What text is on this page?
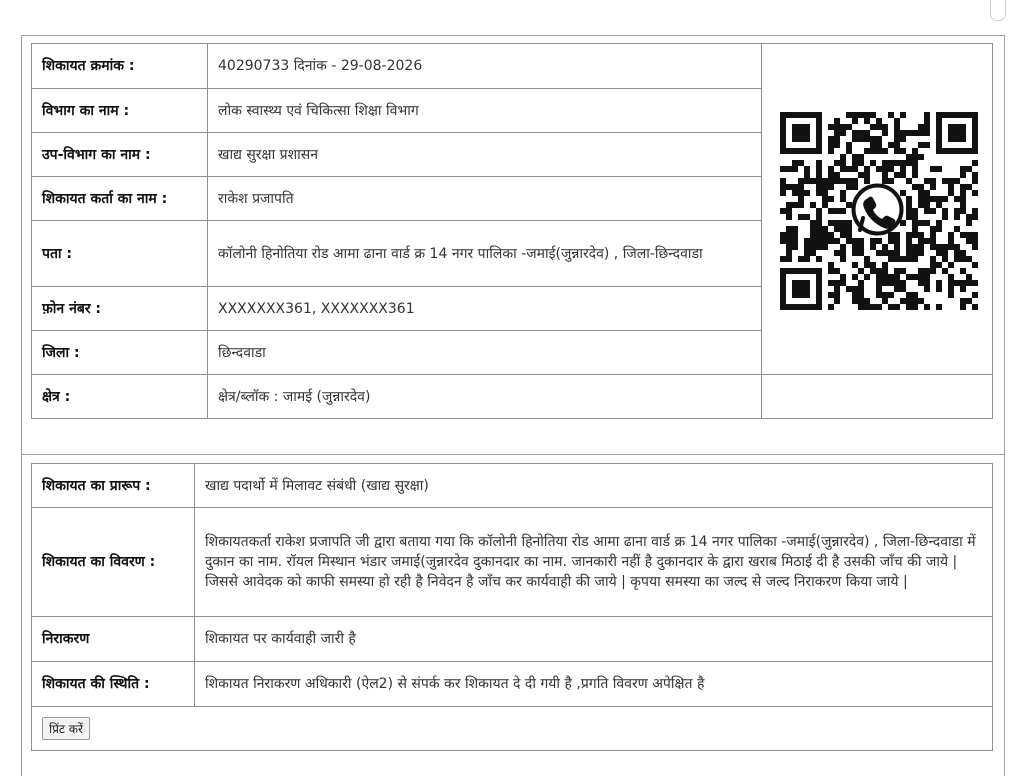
शिकायत क्रमांक :	40290733 दिनांक - 29-08-2026	

विभाग का नाम :	लोक स्वास्थ्य एवं चिकित्सा शिक्षा विभाग	
उप-विभाग का नाम :	खाद्य सुरक्षा प्रशासन	
शिकायत कर्ता का नाम :	राकेश प्रजापति	
पता :	कॉलोनी हिनोतिया रोड आमा ढाना वार्ड क्र 14 नगर पालिका -जमाई(जुन्नारदेव) , जिला-छिन्दवाडा	
फ़ोन नंबर :	XXXXXXX361, XXXXXXX361	
जिला :	छिन्दवाडा	
क्षेत्र :	क्षेत्र/ब्लॉक : जामई (जुन्नारदेव)	
शिकायत का प्रारूप :	खाद्य पदार्थो में मिलावट संबंधी (खाद्य सुरक्षा)
शिकायत का विवरण :	शिकायतकर्ता राकेश प्रजापति जी द्वारा बताया गया कि कॉलोनी हिनोतिया रोड आमा ढाना वार्ड क्र 14 नगर पालिका -जमाई(जुन्नारदेव) , जिला-छिन्दवाडा में दुकान का नाम. रॉयल मिस्थान भंडार जमाई(जुन्नारदेव दुकानदार का नाम. जानकारी नहीं है दुकानदार के द्वारा खराब मिठाई दी है उसकी जाँच की जाये | जिससे आवेदक को काफी समस्या हो रही है निवेदन है जाँच कर कार्यवाही की जाये | कृपया समस्या का जल्द से जल्द निराकरण किया जाये |
निराकरण	शिकायत पर कार्यवाही जारी है
शिकायत की स्थिति :	शिकायत निराकरण अधिकारी (ऐल2) से संपर्क कर शिकायत दे दी गयी है ,प्रगति विवरण अपेक्षित है
प्रिंट करें	
